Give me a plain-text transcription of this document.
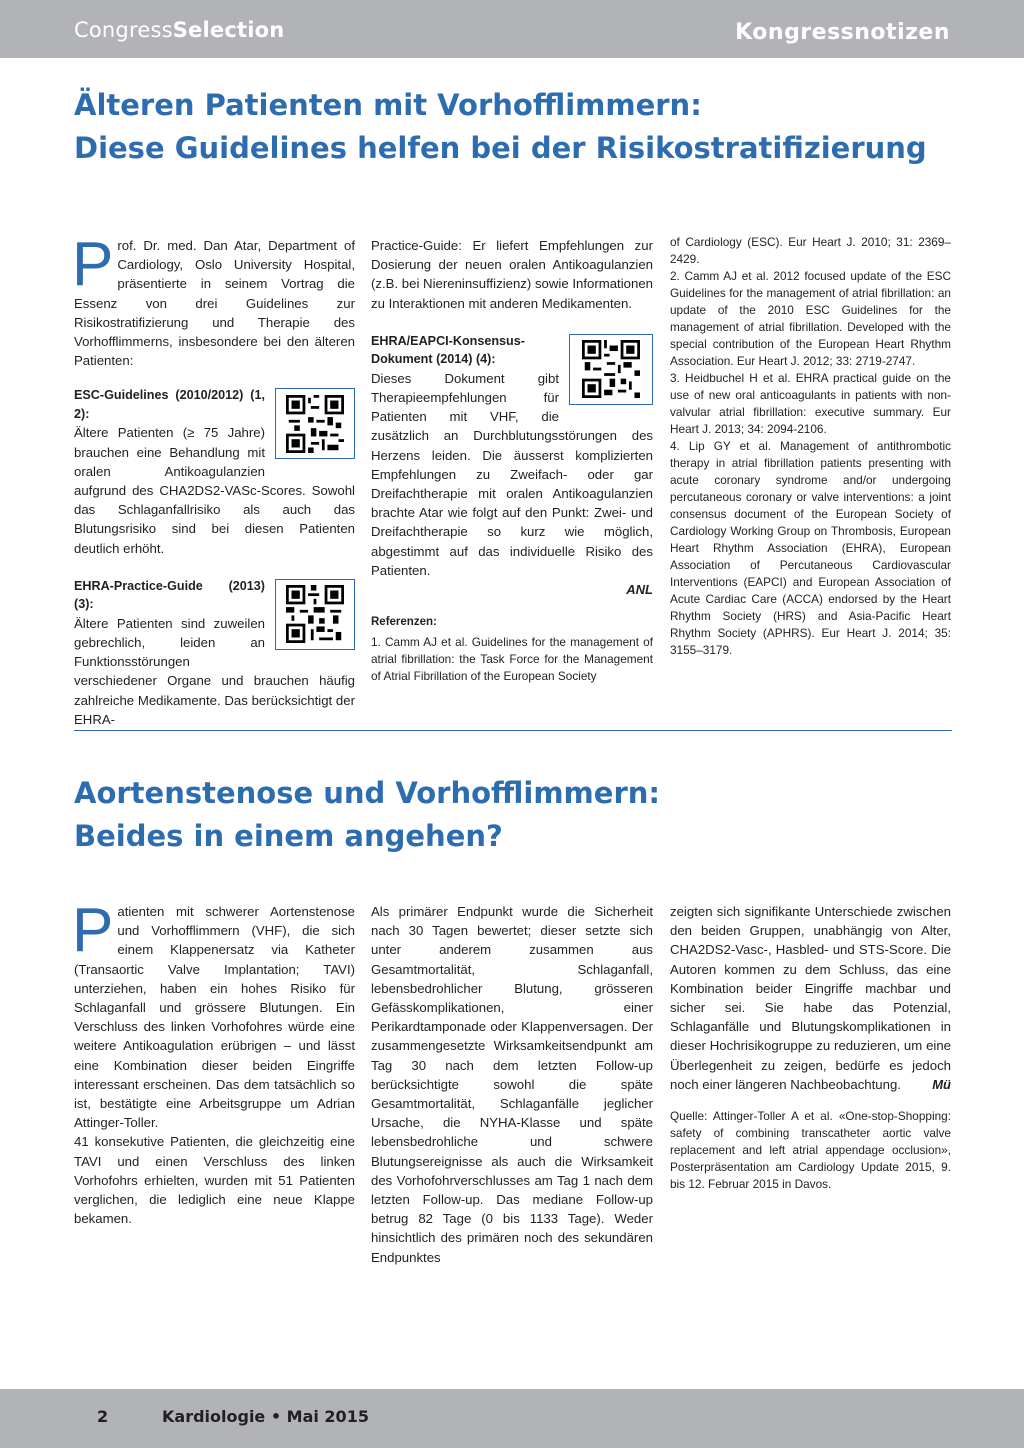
CongressSelection	Kongressnotizen
Älteren Patienten mit Vorhofflimmern:
Diese Guidelines helfen bei der Risikostratifizierung

Prof. Dr. med. Dan Atar, Department of Cardiology, Oslo University Hospital, präsentierte in seinem Vortrag die Essenz von drei Guidelines zur Risikostratifizierung und Therapie des Vorhofflimmerns, insbesondere bei den älteren Patienten:

ESC-Guidelines (2010/2012) (1, 2):

Ältere Patienten (≥ 75 Jahre) brauchen eine Behandlung mit oralen Antikoagulanzien aufgrund des CHA2DS2-VASc-Scores. Sowohl das Schlaganfallrisiko als auch das Blutungsrisiko sind bei diesen Patienten deutlich erhöht.

EHRA-Practice-Guide (2013) (3):

Ältere Patienten sind zuweilen gebrechlich, leiden an Funktionsstörungen verschiedener Organe und brauchen häufig zahlreiche Medikamente. Das berücksichtigt der EHRA-

Practice-Guide: Er liefert Empfehlungen zur Dosierung der neuen oralen Antikoagulanzien (z.B. bei Niereninsuffizienz) sowie Informationen zu Interaktionen mit anderen Medikamenten.

EHRA/EAPCI-Konsensus-Dokument (2014) (4):

Dieses Dokument gibt Therapieempfehlungen für Patienten mit VHF, die zusätzlich an Durchblutungsstörungen des Herzens leiden. Die äusserst komplizierten Empfehlungen zu Zweifach- oder gar Dreifachtherapie mit oralen Antikoagulanzien brachte Atar wie folgt auf den Punkt: Zwei- und Dreifachtherapie so kurz wie möglich, abgestimmt auf das individuelle Risiko des Patienten.

ANL

Referenzen:

1. Camm AJ et al. Guidelines for the management of atrial fibrillation: the Task Force for the Management of Atrial Fibrillation of the European Society

of Cardiology (ESC). Eur Heart J. 2010; 31: 2369–2429.

2. Camm AJ et al. 2012 focused update of the ESC Guidelines for the management of atrial fibrillation: an update of the 2010 ESC Guidelines for the management of atrial fibrillation. Developed with the special contribution of the European Heart Rhythm Association. Eur Heart J. 2012; 33: 2719-2747.

3. Heidbuchel H et al. EHRA practical guide on the use of new oral anticoagulants in patients with non-valvular atrial fibrillation: executive summary. Eur Heart J. 2013; 34: 2094-2106.

4. Lip GY et al. Management of antithrombotic therapy in atrial fibrillation patients presenting with acute coronary syndrome and/or undergoing percutaneous coronary or valve interventions: a joint consensus document of the European Society of Cardiology Working Group on Thrombosis, European Heart Rhythm Association (EHRA), European Association of Percutaneous Cardiovascular Interventions (EAPCI) and European Association of Acute Cardiac Care (ACCA) endorsed by the Heart Rhythm Society (HRS) and Asia-Pacific Heart Rhythm Society (APHRS). Eur Heart J. 2014; 35: 3155–3179.

Aortenstenose und Vorhofflimmern:
Beides in einem angehen?

Patienten mit schwerer Aortenstenose und Vorhofflimmern (VHF), die sich einem Klappenersatz via Katheter (Transaortic Valve Implantation; TAVI) unterziehen, haben ein hohes Risiko für Schlaganfall und grössere Blutungen. Ein Verschluss des linken Vorhofohres würde eine weitere Antikoagulation erübrigen – und lässt eine Kombination dieser beiden Eingriffe interessant erscheinen. Das dem tatsächlich so ist, bestätigte eine Arbeitsgruppe um Adrian Attinger-Toller.

41 konsekutive Patienten, die gleichzeitig eine TAVI und einen Verschluss des linken Vorhofohrs erhielten, wurden mit 51 Patienten verglichen, die lediglich eine neue Klappe bekamen.

Als primärer Endpunkt wurde die Sicherheit nach 30 Tagen bewertet; dieser setzte sich unter anderem zusammen aus Gesamtmortalität, Schlaganfall, lebensbedrohlicher Blutung, grösseren Gefässkomplikationen, einer Perikardtamponade oder Klappenversagen. Der zusammengesetzte Wirksamkeitsendpunkt am Tag 30 nach dem letzten Follow-up berücksichtigte sowohl die späte Gesamtmortalität, Schlaganfälle jeglicher Ursache, die NYHA-Klasse und späte lebensbedrohliche und schwere Blutungsereignisse als auch die Wirksamkeit des Vorhofohrverschlusses am Tag 1 nach dem letzten Follow-up. Das mediane Follow-up betrug 82 Tage (0 bis 1133 Tage). Weder hinsichtlich des primären noch des sekundären Endpunktes

zeigten sich signifikante Unterschiede zwischen den beiden Gruppen, unabhängig von Alter, CHA2DS2-Vasc-, Hasbled- und STS-Score. Die Autoren kommen zu dem Schluss, das eine Kombination beider Eingriffe machbar und sicher sei. Sie habe das Potenzial, Schlaganfälle und Blutungskomplikationen in dieser Hochrisikogruppe zu reduzieren, um eine Überlegenheit zu zeigen, bedürfe es jedoch noch einer längeren Nachbeobachtung.	Mü

Quelle: Attinger-Toller A et al. «One-stop-Shopping: safety of combining transcatheter aortic valve replacement and left atrial appendage occlusion», Posterpräsentation am Cardiology Update 2015, 9. bis 12. Februar 2015 in Davos.

2	Kardiologie • Mai 2015
